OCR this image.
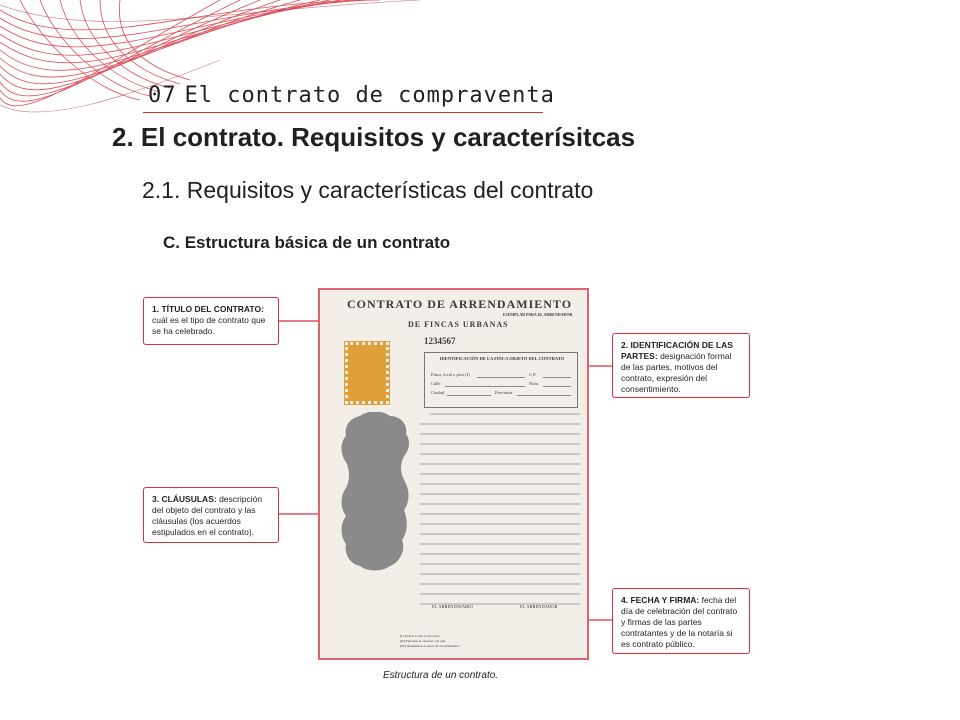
07 El contrato de compraventa
2. El contrato. Requisitos y caracterísitcas
2.1. Requisitos y características del contrato
C. Estructura básica de un contrato
1. TÍTULO DEL CONTRATO:
cuál es el tipo de contrato que se ha celebrado.
2. IDENTIFICACIÓN DE LAS PARTES: designación formal de las partes, motivos del contrato, expresión del consentimiento.
3. CLÁUSULAS: descripción del objeto del contrato y las cláusulas (los acuerdos estipulados en el contrato).
4. FECHA Y FIRMA: fecha del día de celebración del contrato y firmas de las partes contratantes y de la notaría si es contrato público.
CONTRATO DE ARRENDAMIENTO
DE FINCAS URBANAS
EJEMPLAR PARA EL ARRENDADOR
1234567
IDENTIFICACIÓN DE LA FINCA OBJETO DEL CONTRATO
Finca, local o piso (I)	C.P.
Calle	Núm.
Ciudad	Provincia
EL ARRENDATARIO	EL ARRENDADOR
(I) Tachar lo que no proceda
(II) Expresar el carácter con qué
(III) Determinar el plazo de arrendamiento
Estructura de un contrato.
